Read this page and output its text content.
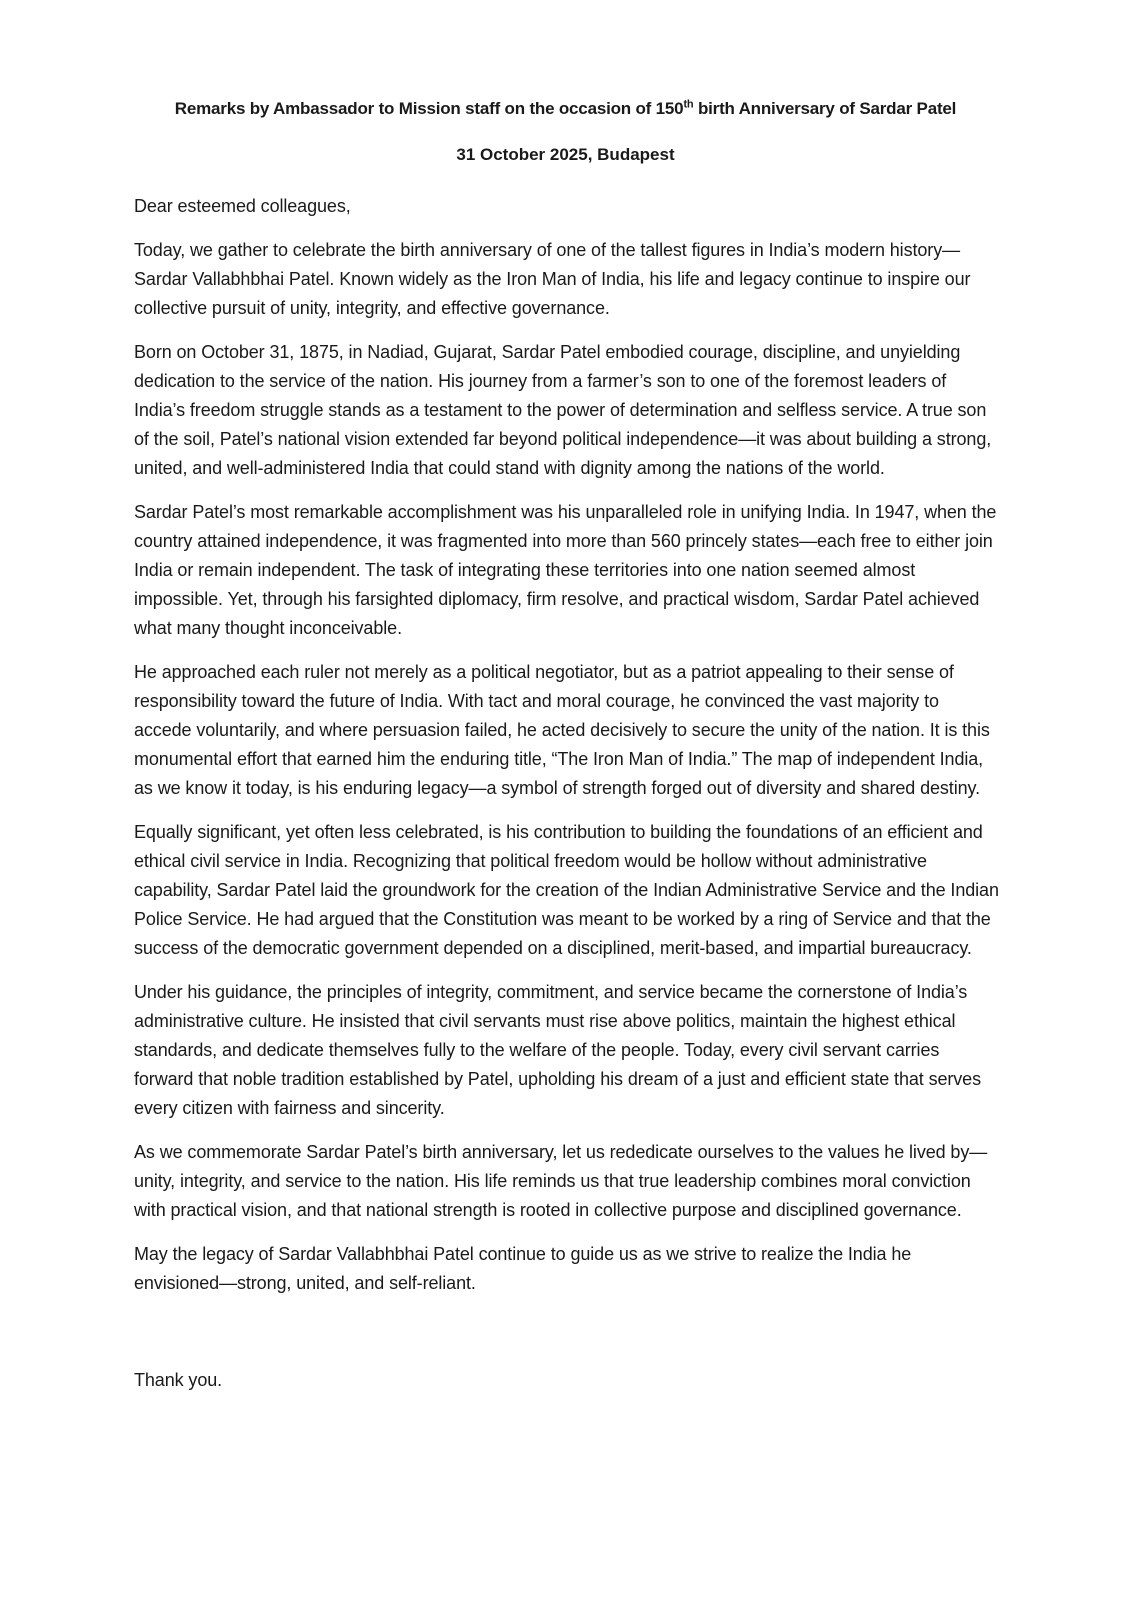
Remarks by Ambassador to Mission staff on the occasion of 150th birth Anniversary of Sardar Patel
31 October 2025, Budapest

Dear esteemed colleagues,

Today, we gather to celebrate the birth anniversary of one of the tallest figures in India’s modern history—Sardar Vallabhbhai Patel. Known widely as the Iron Man of India, his life and legacy continue to inspire our collective pursuit of unity, integrity, and effective governance.

Born on October 31, 1875, in Nadiad, Gujarat, Sardar Patel embodied courage, discipline, and unyielding dedication to the service of the nation. His journey from a farmer’s son to one of the foremost leaders of India’s freedom struggle stands as a testament to the power of determination and selfless service. A true son of the soil, Patel’s national vision extended far beyond political independence—it was about building a strong, united, and well-administered India that could stand with dignity among the nations of the world.

Sardar Patel’s most remarkable accomplishment was his unparalleled role in unifying India. In 1947, when the country attained independence, it was fragmented into more than 560 princely states—each free to either join India or remain independent. The task of integrating these territories into one nation seemed almost impossible. Yet, through his farsighted diplomacy, firm resolve, and practical wisdom, Sardar Patel achieved what many thought inconceivable.

He approached each ruler not merely as a political negotiator, but as a patriot appealing to their sense of responsibility toward the future of India. With tact and moral courage, he convinced the vast majority to accede voluntarily, and where persuasion failed, he acted decisively to secure the unity of the nation. It is this monumental effort that earned him the enduring title, “The Iron Man of India.” The map of independent India, as we know it today, is his enduring legacy—a symbol of strength forged out of diversity and shared destiny.

Equally significant, yet often less celebrated, is his contribution to building the foundations of an efficient and ethical civil service in India. Recognizing that political freedom would be hollow without administrative capability, Sardar Patel laid the groundwork for the creation of the Indian Administrative Service and the Indian Police Service. He had argued that the Constitution was meant to be worked by a ring of Service and that the success of the democratic government depended on a disciplined, merit-based, and impartial bureaucracy.

Under his guidance, the principles of integrity, commitment, and service became the cornerstone of India’s administrative culture. He insisted that civil servants must rise above politics, maintain the highest ethical standards, and dedicate themselves fully to the welfare of the people. Today, every civil servant carries forward that noble tradition established by Patel, upholding his dream of a just and efficient state that serves every citizen with fairness and sincerity.

As we commemorate Sardar Patel’s birth anniversary, let us rededicate ourselves to the values he lived by—unity, integrity, and service to the nation. His life reminds us that true leadership combines moral conviction with practical vision, and that national strength is rooted in collective purpose and disciplined governance.

May the legacy of Sardar Vallabhbhai Patel continue to guide us as we strive to realize the India he envisioned—strong, united, and self-reliant.

Thank you.
